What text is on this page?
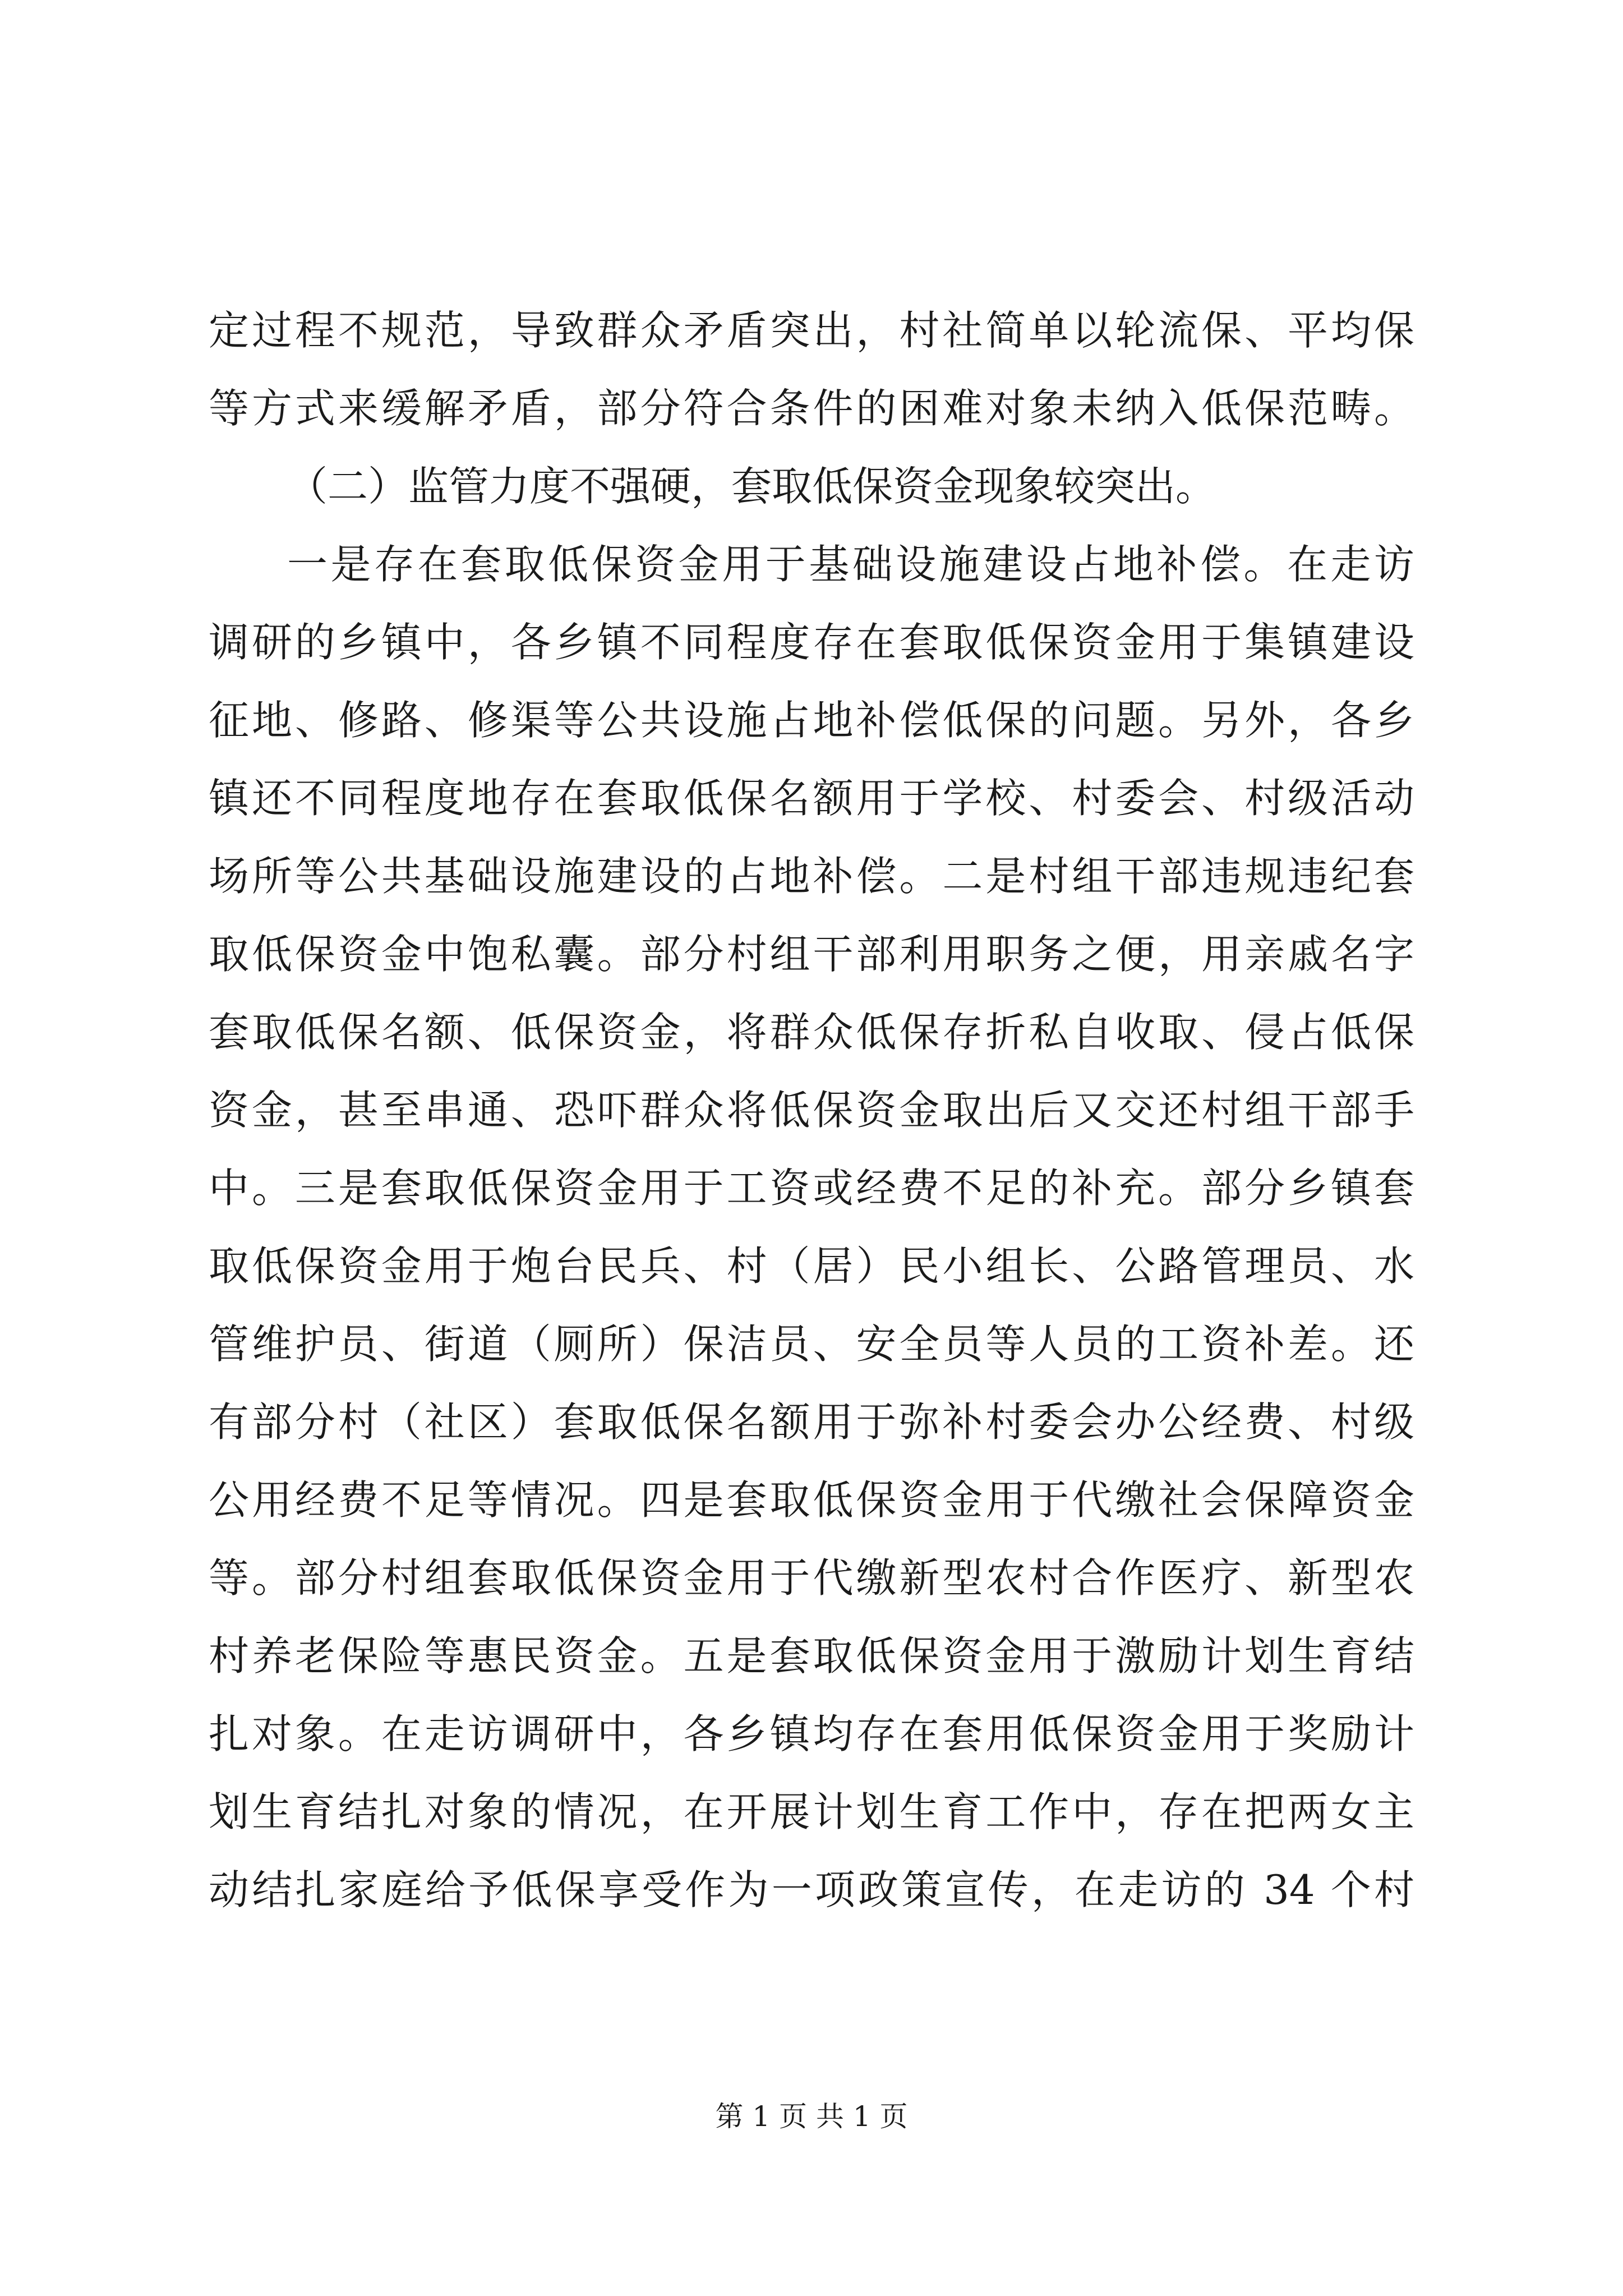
定过程不规范，导致群众矛盾突出，村社简单以轮流保、平均保
等方式来缓解矛盾，部分符合条件的困难对象未纳入低保范畴。
（二）监管力度不强硬，套取低保资金现象较突出。
一是存在套取低保资金用于基础设施建设占地补偿。在走访
调研的乡镇中，各乡镇不同程度存在套取低保资金用于集镇建设
征地、修路、修渠等公共设施占地补偿低保的问题。另外，各乡
镇还不同程度地存在套取低保名额用于学校、村委会、村级活动
场所等公共基础设施建设的占地补偿。二是村组干部违规违纪套
取低保资金中饱私囊。部分村组干部利用职务之便，用亲戚名字
套取低保名额、低保资金，将群众低保存折私自收取、侵占低保
资金，甚至串通、恐吓群众将低保资金取出后又交还村组干部手
中。三是套取低保资金用于工资或经费不足的补充。部分乡镇套
取低保资金用于炮台民兵、村（居）民小组长、公路管理员、水
管维护员、街道（厕所）保洁员、安全员等人员的工资补差。还
有部分村（社区）套取低保名额用于弥补村委会办公经费、村级
公用经费不足等情况。四是套取低保资金用于代缴社会保障资金
等。部分村组套取低保资金用于代缴新型农村合作医疗、新型农
村养老保险等惠民资金。五是套取低保资金用于激励计划生育结
扎对象。在走访调研中，各乡镇均存在套用低保资金用于奖励计
划生育结扎对象的情况，在开展计划生育工作中，存在把两女主
动结扎家庭给予低保享受作为一项政策宣传，在走访的 34 个村
第 1 页 共 1 页
